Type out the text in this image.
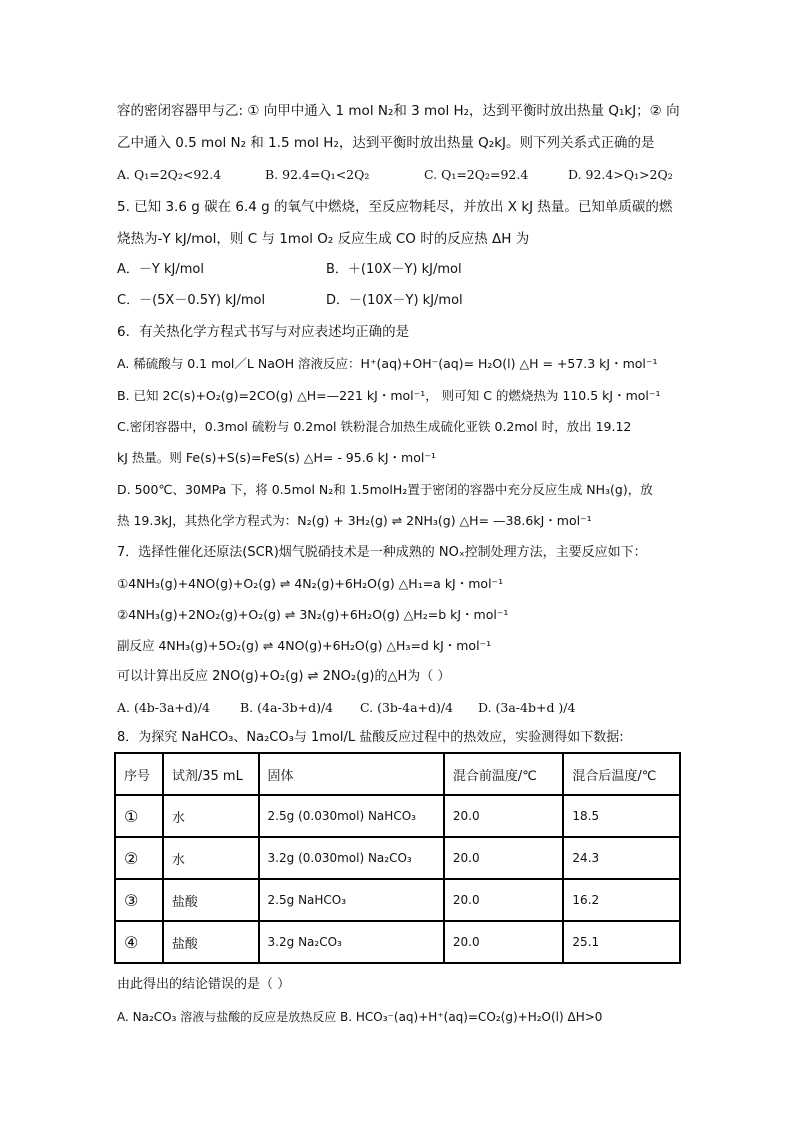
容的密闭容器甲与乙: ① 向甲中通入 1 mol N₂和 3 mol H₂，达到平衡时放出热量 Q₁kJ；② 向
乙中通入 0.5 mol N₂ 和 1.5 mol H₂，达到平衡时放出热量 Q₂kJ。则下列关系式正确的是
A. Q₁=2Q₂<92.4	B. 92.4=Q₁<2Q₂	C. Q₁=2Q₂=92.4	D. 92.4>Q₁>2Q₂
5. 已知 3.6 g 碳在 6.4 g 的氧气中燃烧，至反应物耗尽，并放出 X kJ 热量。已知单质碳的燃
烧热为-Y kJ/mol，则 C 与 1mol O₂ 反应生成 CO 时的反应热 ΔH 为
A．－Y kJ/mol	B．＋(10X－Y) kJ/mol
C．－(5X－0.5Y) kJ/mol	D．－(10X－Y) kJ/mol
6．有关热化学方程式书写与对应表述均正确的是
A. 稀硫酸与 0.1 mol／L NaOH 溶液反应：H⁺(aq)+OH⁻(aq)= H₂O(l) △H = +57.3 kJ・mol⁻¹
B. 已知 2C(s)+O₂(g)=2CO(g) △H=—221 kJ・mol⁻¹， 则可知 C 的燃烧热为 110.5 kJ・mol⁻¹
C.密闭容器中，0.3mol 硫粉与 0.2mol 铁粉混合加热生成硫化亚铁 0.2mol 时，放出 19.12
kJ 热量。则 Fe(s)+S(s)=FeS(s) △H= - 95.6 kJ・mol⁻¹
D. 500℃、30MPa 下，将 0.5mol N₂和 1.5molH₂置于密闭的容器中充分反应生成 NH₃(g)，放
热 19.3kJ，其热化学方程式为：N₂(g) + 3H₂(g) ⇌ 2NH₃(g) △H= —38.6kJ・mol⁻¹
7．选择性催化还原法(SCR)烟气脱硝技术是一种成熟的 NOₓ控制处理方法，主要反应如下：
①4NH₃(g)+4NO(g)+O₂(g) ⇌ 4N₂(g)+6H₂O(g) △H₁=a kJ・mol⁻¹
②4NH₃(g)+2NO₂(g)+O₂(g) ⇌ 3N₂(g)+6H₂O(g) △H₂=b kJ・mol⁻¹
副反应 4NH₃(g)+5O₂(g) ⇌ 4NO(g)+6H₂O(g) △H₃=d kJ・mol⁻¹
可以计算出反应 2NO(g)+O₂(g) ⇌ 2NO₂(g)的△H为（ ）
A. (4b-3a+d)/4 B. (4a-3b+d)/4 C. (3b-4a+d)/4 D. (3a-4b+d )/4
8．为探究 NaHCO₃、Na₂CO₃与 1mol/L 盐酸反应过程中的热效应，实验测得如下数据:
序号	试剂/35 mL	固体	混合前温度/℃	混合后温度/℃
①	水	2.5g (0.030mol) NaHCO₃	20.0	18.5
②	水	3.2g (0.030mol) Na₂CO₃	20.0	24.3
③	盐酸	2.5g NaHCO₃	20.0	16.2
④	盐酸	3.2g Na₂CO₃	20.0	25.1
由此得出的结论错误的是（ ）
A. Na₂CO₃ 溶液与盐酸的反应是放热反应 B. HCO₃⁻(aq)+H⁺(aq)=CO₂(g)+H₂O(l) ΔH>0
